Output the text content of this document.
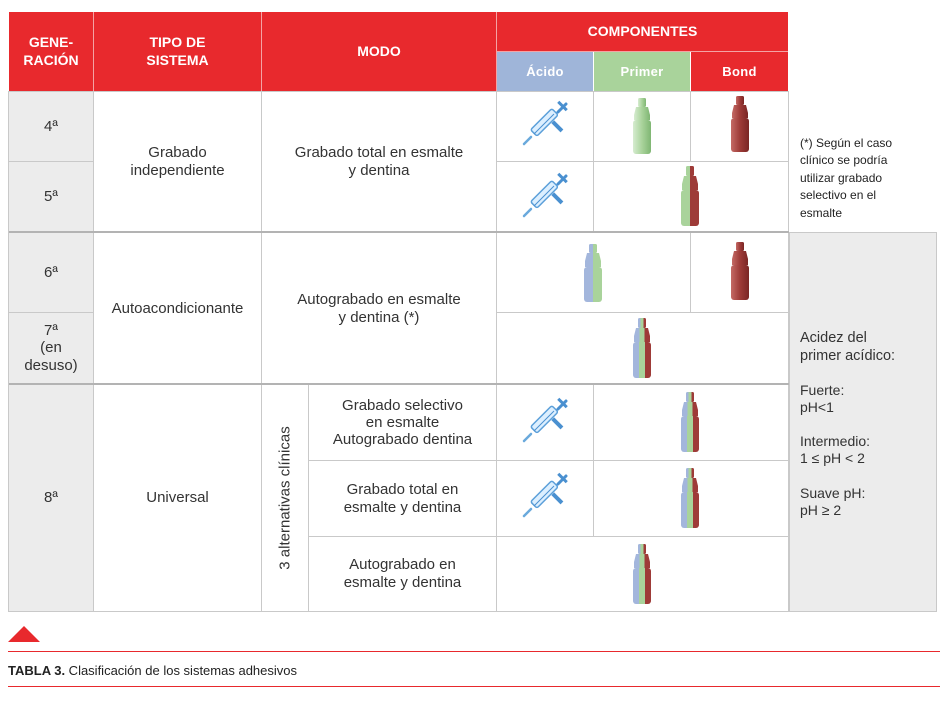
GENE-
RACIÓN
TIPO DE
SISTEMA
MODO
COMPONENTES
Ácido	Primer	Bond
4ª
5ª
6ª
7ª
(en
desuso)
8ª
Grabado
independiente
Autoacondicionante
Universal
Grabado total en esmalte
y dentina
Autograbado en esmalte
y dentina (*)
3 alternativas clínicas
Grabado selectivo
en esmalte
Autograbado dentina
Grabado total en
esmalte y dentina
Autograbado en
esmalte y dentina
(*) Según el caso
clínico se podría
utilizar grabado
selectivo en el
esmalte
Acidez del
primer acídico:
Fuerte:
pH<1
Intermedio:
1 ≤ pH < 2
Suave pH:
pH ≥ 2
TABLA 3. Clasificación de los sistemas adhesivos
